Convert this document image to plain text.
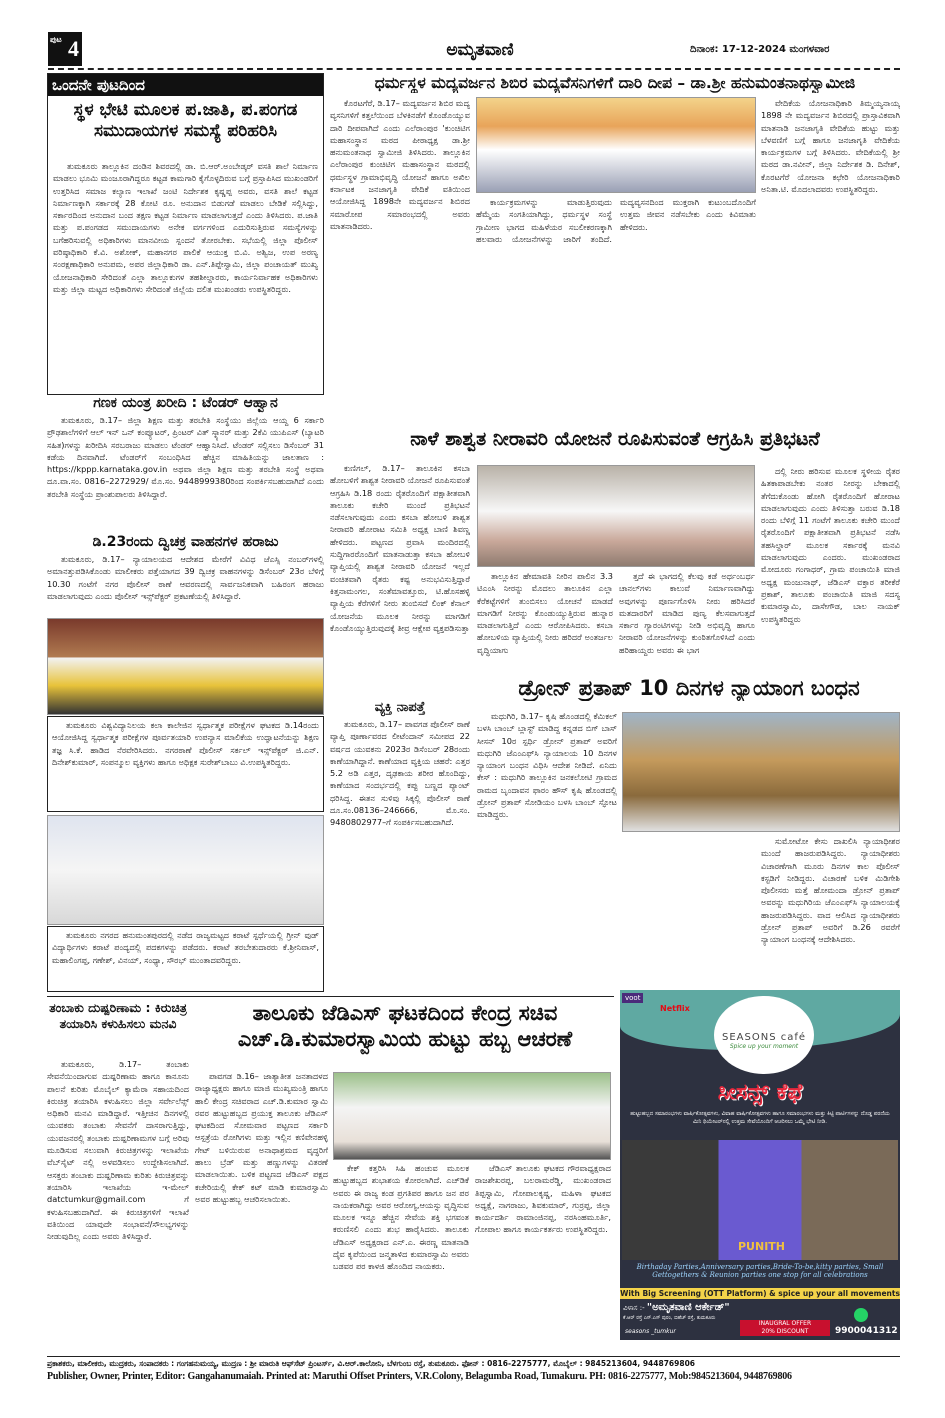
ಪುಟ 4	ಅಮೃತವಾಣಿ	ದಿನಾಂಕ: 17-12-2024 ಮಂಗಳವಾರ
ಒಂದನೇ ಪುಟದಿಂದ
ಸ್ಥಳ ಭೇಟಿ ಮೂಲಕ ಪ.ಜಾತಿ, ಪ.ಪಂಗಡ ಸಮುದಾಯಗಳ ಸಮಸ್ಯೆ ಪರಿಹರಿಸಿ
ತುಮಕೂರು ತಾಲ್ಲೂಕಿನ ದಂಡಿನ ಶಿವರದಲ್ಲಿ ಡಾ. ಬಿ.ಆರ್.ಅಂಬೇಡ್ಕರ್ ವಸತಿ ಶಾಲೆ ನಿರ್ಮಾಣ ಮಾಡಲು ಭೂಮಿ ಮಂಜೂರಾಗಿದ್ದರೂ ಕಟ್ಟಡ ಕಾಮಗಾರಿ ಕೈಗೊಳ್ಳದಿರುವ ಬಗ್ಗೆ ಪ್ರಸ್ತಾಪಿಸಿದ ಮುಖಂಡರಿಗೆ ಉತ್ತರಿಸಿದ ಸಮಾಜ ಕಲ್ಯಾಣ ಇಲಾಖೆ ಜಂಟಿ ನಿರ್ದೇಶಕ ಕೃಷ್ಣಪ್ಪ ಅವರು, ವಸತಿ ಶಾಲೆ ಕಟ್ಟಡ ನಿರ್ಮಾಣಕ್ಕಾಗಿ ಸರ್ಕಾರಕ್ಕೆ 28 ಕೋಟಿ ರೂ. ಅನುದಾನ ಬಿಡುಗಡೆ ಮಾಡಲು ಬೇಡಿಕೆ ಸಲ್ಲಿಸಿದ್ದು, ಸರ್ಕಾರದಿಂದ ಅನುದಾನ ಬಂದ ತಕ್ಷಣ ಕಟ್ಟಡ ನಿರ್ಮಾಣ ಮಾಡಲಾಗುತ್ತದೆ ಎಂದು ತಿಳಿಸಿದರು. ಪ.ಜಾತಿ ಮತ್ತು ಪ.ಪಂಗಡದ ಸಮುದಾಯಗಳು ಅನೇಕ ವರ್ಗಗಳಿಂದ ಎದುರಿಸುತ್ತಿರುವ ಸಮಸ್ಯೆಗಳನ್ನು ಬಗೆಹರಿಸುವಲ್ಲಿ ಅಧಿಕಾರಿಗಳು ಮಾನವೀಯ ಸ್ಪಂದನೆ ತೋರಬೇಕು. ಸಭೆಯಲ್ಲಿ ಜಿಲ್ಲಾ ಪೊಲೀಸ್ ವರಿಷ್ಠಾಧಿಕಾರಿ ಕೆ.ವಿ. ಅಶೋಕ್, ಮಹಾನಗರ ಪಾಲಿಕೆ ಆಯುಕ್ತ ಬಿ.ವಿ. ಅಶ್ವಿಜ, ಉಪ ಅರಣ್ಯ ಸಂರಕ್ಷಣಾಧಿಕಾರಿ ಅನುಪಮ, ಅಪರ ಜಿಲ್ಲಾಧಿಕಾರಿ ಡಾ. ಎನ್.ತಿಪ್ಪೇಸ್ವಾಮಿ, ಜಿಲ್ಲಾ ಪಂಚಾಯತ್ ಮುಖ್ಯ ಯೋಜನಾಧಿಕಾರಿ ಸೇರಿದಂತೆ ಎಲ್ಲಾ ತಾಲ್ಲೂಕುಗಳ ತಹಶೀಲ್ದಾರರು, ಕಾರ್ಯನಿರ್ವಾಹಕ ಅಧಿಕಾರಿಗಳು ಮತ್ತು ಜಿಲ್ಲಾ ಮಟ್ಟದ ಅಧಿಕಾರಿಗಳು ಸೇರಿದಂತೆ ಜಿಲ್ಲೆಯ ದಲಿತ ಮುಖಂಡರು ಉಪಸ್ಥಿತರಿದ್ದರು.
ಗಣಕ ಯಂತ್ರ ಖರೀದಿ : ಟೆಂಡರ್ ಆಹ್ವಾನ
ತುಮಕೂರು, ಡಿ.17– ಜಿಲ್ಲಾ ಶಿಕ್ಷಣ ಮತ್ತು ತರಬೇತಿ ಸಂಸ್ಥೆಯು ಜಿಲ್ಲೆಯ ಆಯ್ದ 6 ಸರ್ಕಾರಿ ಪ್ರೌಢಶಾಲೆಗಳಿಗೆ ಆಲ್ ಇನ್ ಒನ್ ಕಂಪ್ಯೂಟರ್, ಪ್ರಿಂಟರ್ ವಿತ್ ಸ್ಕ್ಯಾನರ್ ಮತ್ತು 2ಕೆವಿ ಯುಪಿಎಸ್ (ಬ್ಯಾಟರಿ ಸಹಿತ)ಗಳನ್ನು ಖರೀದಿಸಿ ಸರಬರಾಜು ಮಾಡಲು ಟೆಂಡರ್ ಆಹ್ವಾನಿಸಿದೆ. ಟೆಂಡರ್ ಸಲ್ಲಿಸಲು ಡಿಸೆಂಬರ್ 31 ಕಡೆಯ ದಿನವಾಗಿದೆ. ಟೆಂಡರ್‌ಗೆ ಸಂಬಂಧಿಸಿದ ಹೆಚ್ಚಿನ ಮಾಹಿತಿಯನ್ನು ಜಾಲತಾಣ : https://kppp.karnataka.gov.in ಅಥವಾ ಜಿಲ್ಲಾ ಶಿಕ್ಷಣ ಮತ್ತು ತರಬೇತಿ ಸಂಸ್ಥೆ ಅಥವಾ ದೂ.ವಾ.ಸಂ. 0816–2272929/ ಮೊ.ಸಂ. 9448999380ರಿಂದ ಸಂಪರ್ಕಿಸಬಹುದಾಗಿದೆ ಎಂದು ತರಬೇತಿ ಸಂಸ್ಥೆಯ ಪ್ರಾಂಶುಪಾಲರು ತಿಳಿಸಿದ್ದಾರೆ.
ಡಿ.23ರಂದು ದ್ವಿಚಕ್ರ ವಾಹನಗಳ ಹರಾಜು
ತುಮಕೂರು, ಡಿ.17– ನ್ಯಾಯಾಲಯದ ಆದೇಶದ ಮೇರೆಗೆ ವಿವಿಧ ಜೆಎಸ್ಸಿ ನಂಬರ್‌ಗಳಲ್ಲಿ ಅಮಾನತ್ತುಪಡಿಸಿಕೊಂಡು ಮಾಲೀಕರು ಪತ್ತೆಯಾಗದ 39 ದ್ವಿಚಕ್ರ ವಾಹನಗಳನ್ನು ಡಿಸೆಂಬರ್ 23ರ ಬೆಳಿಗ್ಗೆ 10.30 ಗಂಟೆಗೆ ನಗರ ಪೊಲೀಸ್ ಠಾಣೆ ಆವರಣದಲ್ಲಿ ಸಾರ್ವಜನಿಕವಾಗಿ ಬಹಿರಂಗ ಹರಾಜು ಮಾಡಲಾಗುವುದು ಎಂದು ಪೊಲೀಸ್ ಇನ್ಸ್‌ಪೆಕ್ಟರ್ ಪ್ರಕಟಣೆಯಲ್ಲಿ ತಿಳಿಸಿದ್ದಾರೆ.
ತುಮಕೂರು ವಿಶ್ವವಿದ್ಯಾನಿಲಯ ಕಲಾ ಕಾಲೇಜಿನ ಸ್ವರ್ಧಾತ್ಮಕ ಪರೀಕ್ಷೆಗಳ ಘಟಕದ ಡಿ.14ರಂದು ಆಯೋಜಿಸಿದ್ದ ಸ್ವರ್ಧಾತ್ಮಕ ಪರೀಕ್ಷೆಗಳ ಪೂರ್ವತಯಾರಿ ಉಪನ್ಯಾಸ ಮಾಲಿಕೆಯ ಉದ್ಘಾಟನೆಯನ್ನು ಶಿಕ್ಷಣ ತಜ್ಞ ಸಿ.ಕೆ. ಹಾಡಿದ ನೆರವೇರಿಸಿದರು. ನಗರಠಾಣೆ ಪೊಲೀಸ್ ಸರ್ಕಲ್ ಇನ್ಸ್‌ಪೆಕ್ಟರ್ ಜಿ.ಎನ್. ದಿನೇಶ್‌ಕುಮಾರ್, ಸಂಪನ್ಮೂಲ ವ್ಯಕ್ತಿಗಳು ಹಾಗೂ ಅಧಿಕ್ಷಕ ಸುರೇಶ್‌ಬಾಬು ವಿ.ಉಪಸ್ಥಿತರಿದ್ದರು.
ತುಮಕೂರು ನಗರದ ಹನುಮಂತಪುರದಲ್ಲಿ ನಡೆದ ರಾಜ್ಯಮಟ್ಟದ ಕರಾಟೆ ಸ್ಪರ್ಧೆಯಲ್ಲಿ ಗ್ರೀನ್ ವುಡ್ ವಿದ್ಯಾರ್ಥಿಗಳು ಕರಾಟೆ ಪಂದ್ಯದಲ್ಲಿ ಪದಕಗಳನ್ನು ಪಡೆದರು. ಕರಾಟೆ ತರಬೇತುದಾರರು ಕೆ.ಶ್ರೀನಿವಾಸ್, ಮಹಾಲಿಂಗಪ್ಪ, ಗಣೇಶ್, ವಿನಯ್, ಸಂಧ್ಯಾ, ಸೌರಭ್ ಮುಂತಾದವರಿದ್ದರು.
ಧರ್ಮಸ್ಥಳ ಮದ್ಯವರ್ಜನ ಶಿಬಿರ ಮದ್ಯವೆಸನಿಗಳಿಗೆ ದಾರಿ ದೀಪ – ಡಾ.ಶ್ರೀ ಹನುಮಂತನಾಥಸ್ವಾಮೀಜಿ
ಕೊರಟಗೆರೆ, ಡಿ.17– ಮದ್ಯವರ್ಜನ ಶಿಬಿರ ಮದ್ಯ ವ್ಯಸನಿಗಳಿಗೆ ಕತ್ತಲೆಯಿಂದ ಬೆಳಕಿನಡೆಗೆ ಕೊಂಡೊಯ್ಯುವ ದಾರಿ ದೀಪವಾಗಿದೆ ಎಂದು ಎಲೆರಾಂಪುರ 'ಕುಂಚಿಟಿಗ ಮಹಾಸಂಸ್ಥಾನ ಮಠದ ಪೀಠಾಧ್ಯಕ್ಷ ಡಾ.ಶ್ರೀ ಹನುಮಂತನಾಥ ಸ್ವಾಮೀಜಿ ತಿಳಿಸಿದರು. ತಾಲ್ಲೂಕಿನ ಎಲೆರಾಂಪುರ ಕುಂಚಿಟಿಗ ಮಹಾಸಂಸ್ಥಾನ ಮಠದಲ್ಲಿ ಧರ್ಮಸ್ಥಳ ಗ್ರಾಮಾಭಿವೃದ್ಧಿ ಯೋಜನೆ ಹಾಗೂ ಅಖಿಲ ಕರ್ನಾಟಕ ಜನಜಾಗೃತಿ ವೇದಿಕೆ ವತಿಯಿಂದ ಆಯೋಜಿಸಿದ್ದ 1898ನೇ ಮದ್ಯವರ್ಜನ ಶಿಬಿರದ ಸಮಾರೋಪ ಸಮಾರಂಭದಲ್ಲಿ ಅವರು ಮಾತನಾಡಿದರು.
ಕಾರ್ಯಕ್ರಮಗಳನ್ನು ಮಾಡುತ್ತಿರುವುದು ಹೆಮ್ಮೆಯ ಸಂಗತಿಯಾಗಿದ್ದು, ಧರ್ಮಸ್ಥಳ ಸಂಸ್ಥೆ ಗ್ರಾಮೀಣ ಭಾಗದ ಮಹಿಳೆಯರ ಸಬಲೀಕರಣಕ್ಕಾಗಿ ಹಲವಾರು ಯೋಜನೆಗಳನ್ನು ಜಾರಿಗೆ ತಂದಿದೆ. ಮದ್ಯವ್ಯಸನದಿಂದ ಮುಕ್ತರಾಗಿ ಕುಟುಂಬದೊಂದಿಗೆ ಉತ್ತಮ ಜೀವನ ನಡೆಸಬೇಕು ಎಂದು ಕಿವಿಮಾತು ಹೇಳಿದರು.
ವೇದಿಕೆಯ ಯೋಜನಾಧಿಕಾರಿ ತಿಮ್ಮಯ್ಯನಾಯ್ಕ 1898 ನೇ ಮದ್ಯವರ್ಜನ ಶಿಬಿರದಲ್ಲಿ ಪ್ರಾಸ್ತಾವಿಕವಾಗಿ ಮಾತನಾಡಿ ಜನಜಾಗೃತಿ ವೇದಿಕೆಯ ಹುಟ್ಟು ಮತ್ತು ಬೆಳವಣಿಗೆ ಬಗ್ಗೆ ಹಾಗೂ ಜನಜಾಗೃತಿ ವೇದಿಕೆಯ ಕಾರ್ಯಕ್ರಮಗಳ ಬಗ್ಗೆ ತಿಳಿಸಿದರು. ವೇದಿಕೆಯಲ್ಲಿ ಶ್ರೀ ಮಠದ ಡಾ.ನವೀನ್, ಜಿಲ್ಲಾ ನಿರ್ದೇಶಕ ಡಿ. ದಿನೇಶ್, ಕೊರಟಗೆರೆ ಯೋಜನಾ ಕಛೇರಿ ಯೋಜನಾಧಿಕಾರಿ ಅನಿತಾ.ಟಿ. ಮೊದಲಾದವರು ಉಪಸ್ಥಿತರಿದ್ದರು.
ನಾಳೆ ಶಾಶ್ವತ ನೀರಾವರಿ ಯೋಜನೆ ರೂಪಿಸುವಂತೆ ಆಗ್ರಹಿಸಿ ಪ್ರತಿಭಟನೆ
ಕುಣಿಗಲ್, ಡಿ.17– ತಾಲೂಕಿನ ಕಸಬಾ ಹೋಬಳಿಗೆ ಶಾಶ್ವತ ನೀರಾವರಿ ಯೋಜನೆ ರೂಪಿಸುವಂತೆ ಆಗ್ರಹಿಸಿ ಡಿ.18 ರಂದು ರೈತರೊಂದಿಗೆ ಪಕ್ಷಾತೀತವಾಗಿ ತಾಲೂಕು ಕಚೇರಿ ಮುಂದೆ ಪ್ರತಿಭಟನೆ ನಡೆಸಲಾಗುವುದು ಎಂದು ಕಸಬಾ ಹೋಬಳಿ ಶಾಶ್ವತ ನೀರಾವರಿ ಹೋರಾಟ ಸಮಿತಿ ಅಧ್ಯಕ್ಷ ಬಾಣಿ ಶಿವಣ್ಣ ಹೇಳಿದರು. ಪಟ್ಟಣದ ಪ್ರವಾಸಿ ಮಂದಿರದಲ್ಲಿ ಸುದ್ದಿಗಾರರೊಂದಿಗೆ ಮಾತನಾಡುತ್ತಾ ಕಸಬಾ ಹೋಬಳಿ ವ್ಯಾಪ್ತಿಯಲ್ಲಿ ಶಾಶ್ವತ ನೀರಾವರಿ ಯೋಜನೆ ಇಲ್ಲದೆ ವಂಚಿತವಾಗಿ ರೈತರು ಕಷ್ಟ ಅನುಭವಿಸುತ್ತಿದ್ದಾರೆ ಕಿತ್ತನಾಮಂಗಲ, ಸಂತೆಮಾವತ್ತೂರು, ಟಿ.ಹೊಸಹಳ್ಳಿ ವ್ಯಾಪ್ತಿಯ ಕೆರೆಗಳಿಗೆ ನೀರು ತುಂಬಿಸದೆ ಲಿಂಕ್ ಕೆನಾಲ್ ಯೋಜನೆಯ ಮೂಲಕ ನೀರನ್ನು ಮಾಗಡಿಗೆ ಕೊಂಡೊಯ್ಯುತ್ತಿರುವುದಕ್ಕೆ ತೀವ್ರ ಆಕ್ಷೇಪ ವ್ಯಕ್ತಪಡಿಸುತ್ತಾ
ತಾಲ್ಲೂಕಿನ ಹೇಮಾವತಿ ನೀರಿನ ಪಾಲಿನ 3.3 ಟಿಎಂಸಿ ನೀರನ್ನು ಮೊದಲು ತಾಲೂಕಿನ ಎಲ್ಲಾ ಕೆರೆಕಟ್ಟೆಗಳಿಗೆ ತುಂಬಿಸಲು ಯೋಚನೆ ಮಾಡದೆ ಮಾಗಡಿಗೆ ನೀರನ್ನು ಕೊಂಡುಯ್ಯುತ್ತಿರುವ ಹುನ್ನಾರ ಮಾಡಲಾಗುತ್ತಿದೆ ಎಂದು ಆರೋಪಿಸಿದರು. ಕಸಬಾ ಹೋಬಳಿಯ ವ್ಯಾಪ್ತಿಯಲ್ಲಿ ನೀರು ಹರಿದರೆ ಅಂತರ್ಜಲ ವೃದ್ಧಿಯಾಗು
ತ್ತದೆ ಈ ಭಾಗದಲ್ಲಿ ಕೆಲವು ಕಡೆ ಅರ್ಧಂಬರ್ಧ ಚಾನಲ್‌ಗಳು ಕಾಲುವೆ ನಿರ್ಮಾಣವಾಗಿದ್ದು ಅವುಗಳನ್ನು ಪೂರ್ಣಗೊಳಿಸಿ ನೀರು ಹರಿಸಿದರೆ ಮತದಾರರಿಗೆ ಮಾಡಿದ ಪುಣ್ಯ ಕೆಲಸವಾಗುತ್ತದೆ ಸರ್ಕಾರ ಗ್ಯಾರಂಟಿಗಳನ್ನು ನೀಡಿ ಅಭಿವೃದ್ಧಿ ಹಾಗೂ ನೀರಾವರಿ ಯೋಜನೆಗಳನ್ನು ಕುಂಠಿತಗೊಳಿಸಿದೆ ಎಂದು ಹರಿಹಾಯ್ದರು ಅವರು ಈ ಭಾಗ
ದಲ್ಲಿ ನೀರು ಹರಿಸುವ ಮೂಲಕ ಸ್ಥಳೀಯ ರೈತರ ಹಿತಕಾಪಾಡಬೇಕು ನಂತರ ನೀರನ್ನು ಬೇಕಾದಲ್ಲಿ ತೆಗೆದುಕೊಂಡು ಹೋಗಿ ರೈತರೊಂದಿಗೆ ಹೋರಾಟ ಮಾಡಲಾಗುವುದು ಎಂದು ತಿಳಿಸುತ್ತಾ ಬರುವ ಡಿ.18 ರಂದು ಬೆಳಿಗ್ಗೆ 11 ಗಂಟೆಗೆ ತಾಲೂಕು ಕಚೇರಿ ಮುಂದೆ ರೈತರೊಂದಿಗೆ ಪಕ್ಷಾತೀತವಾಗಿ ಪ್ರತಿಭಟನೆ ನಡೆಸಿ ತಹಸಿಲ್ದಾರ್ ಮೂಲಕ ಸರ್ಕಾರಕ್ಕೆ ಮನವಿ ಮಾಡಲಾಗುವುದು ಎಂದರು. ಮುಖಂಡರಾದ ಮೋದೂರು ಗಂಗಾಧರ್, ಗ್ರಾಮ ಪಂಚಾಯಿತಿ ಮಾಜಿ ಅಧ್ಯಕ್ಷ ಮಂಜುನಾಥ್, ಜೆಡಿಎಸ್ ವಕ್ತಾರ ತರೀಕೆರೆ ಪ್ರಕಾಶ್, ತಾಲೂಕು ಪಂಚಾಯಿತಿ ಮಾಜಿ ಸದಸ್ಯ ಕುಮಾರಸ್ವಾಮಿ, ದಾಸೇಗೌಡ, ಬಾಲ ನಾಯಕ್ ಉಪಸ್ಥಿತರಿದ್ದರು
ವ್ಯಕ್ತಿ ನಾಪತ್ತೆ
ತುಮಕೂರು, ಡಿ.17– ಪಾವಗಡ ಪೊಲೀಸ್ ಠಾಣೆ ವ್ಯಾಪ್ತಿ ಪೂರ್ಣಾವರದ ಲೀಟೆಂದಾನ್ ಸಮೀಪದ 22 ವರ್ಷದ ಯುವಕನು 2023ರ ಡಿಸೆಂಬರ್ 28ರಂದು ಕಾಣೆಯಾಗಿದ್ದಾನೆ. ಕಾಣೆಯಾದ ವ್ಯಕ್ತಿಯ ಚಹರೆ: ಎತ್ತರ 5.2 ಅಡಿ ಎತ್ತರ, ದೃಢಕಾಯ ಶರೀರ ಹೊಂದಿದ್ದು, ಕಾಣೆಯಾದ ಸಂದರ್ಭದಲ್ಲಿ ಕಪ್ಪು ಬಣ್ಣದ ಪ್ಯಾಂಟ್ ಧರಿಸಿದ್ದ. ಈತನ ಸುಳಿವು ಸಿಕ್ಕಲ್ಲಿ ಪೊಲೀಸ್ ಠಾಣೆ ದೂ.ಸಂ.08136–246666, ಮೊ.ಸಂ. 9480802977–ಗೆ ಸಂಪರ್ಕಿಸಬಹುದಾಗಿದೆ.
ಡ್ರೋನ್ ಪ್ರತಾಪ್ 10 ದಿನಗಳ ನ್ಯಾಯಾಂಗ ಬಂಧನ
ಮಧುಗಿರಿ, ಡಿ.17– ಕೃಷಿ ಹೊಂಡದಲ್ಲಿ ಕೆಮಿಕಲ್ ಬಳಸಿ ಬಾಂಬ್ ಬ್ಲಾಸ್ಟ್ ಮಾಡಿದ್ದ ಕನ್ನಡದ ಬಿಗ್ ಬಾಸ್ ಸೀಸನ್ 10ರ ಸ್ಪರ್ಧಿ ಡ್ರೋನ್ ಪ್ರತಾಪ್ ಅವರಿಗೆ ಮಧುಗಿರಿ ಜೆಎಂಎಫ್‌ಸಿ ನ್ಯಾಯಾಲಯ 10 ದಿನಗಳ ನ್ಯಾಯಾಂಗ ಬಂಧನ ವಿಧಿಸಿ ಆದೇಶ ನೀಡಿದೆ. ಏನಿದು ಕೇಸ್ : ಮಧುಗಿರಿ ತಾಲ್ಲೂಕಿನ ಜನಕಲೋಟಿ ಗ್ರಾಮದ ರಾಮದ ಬೃಂದಾವನ ಫಾರಂ ಹೌಸ್ ಕೃಷಿ ಹೊಂಡದಲ್ಲಿ ಡ್ರೋನ್ ಪ್ರತಾಪ್ ಸೋಡಿಯಂ ಬಳಸಿ ಬಾಂಬ್ ಸ್ಫೋಟ ಮಾಡಿದ್ದರು.
ಸುಮೋಟೋ ಕೇಸು ದಾಖಲಿಸಿ ನ್ಯಾಯಾಧೀಶರ ಮುಂದೆ ಹಾಜರುಪಡಿಸಿದ್ದರು. ನ್ಯಾಯಾಧೀಶರು ವಿಚಾರಣೆಗಾಗಿ ಮೂರು ದಿನಗಳ ಕಾಲ ಪೊಲೀಸ್ ಕಸ್ಟಡಿಗೆ ನೀಡಿದ್ದರು. ವಿಚಾರಣೆ ಬಳಿಕ ಮಿಡಿಗೇಶಿ ಪೊಲೀಸರು ಮತ್ತೆ ಹೋಮಂದಾ ಡ್ರೋನ್ ಪ್ರತಾಪ್ ಅವರನ್ನು ಮಧುಗಿರಿಯ ಜೆಎಂಎಫ್‌ಸಿ ನ್ಯಾಯಾಲಯಕ್ಕೆ ಹಾಜರುಪಡಿಸಿದ್ದರು. ವಾದ ಆಲಿಸಿದ ನ್ಯಾಯಾಧೀಶರು ಡ್ರೋನ್ ಪ್ರತಾಪ್ ಅವರಿಗೆ ಡಿ.26 ರವರೆಗೆ ನ್ಯಾಯಾಂಗ ಬಂಧನಕ್ಕೆ ಆದೇಶಿಸಿದರು.
ತಂಬಾಕು ದುಷ್ಪರಿಣಾಮ : ಕಿರುಚಿತ್ರ ತಯಾರಿಸಿ ಕಳುಹಿಸಲು ಮನವಿ
ತುಮಕೂರು, ಡಿ.17– ತಂಬಾಕು ಸೇವನೆಯಿಂದಾಗುವ ದುಷ್ಪರಿಣಾಮ ಹಾಗೂ ಕಾನೂನು ಪಾಲನೆ ಕುರಿತು ಮೊಬೈಲ್ ಕ್ಯಾಮೆರಾ ಸಹಾಯದಿಂದ ಕಿರುಚಿತ್ರ ತಯಾರಿಸಿ ಕಳುಹಿಸಲು ಜಿಲ್ಲಾ ಸರ್ವೇಲೆನ್ಸ್ ಅಧಿಕಾರಿ ಮನವಿ ಮಾಡಿದ್ದಾರೆ. ಇತ್ತೀಚಿನ ದಿನಗಳಲ್ಲಿ ಯುವಕರು ತಂಬಾಕು ಸೇವನೆಗೆ ದಾಸರಾಗುತ್ತಿದ್ದು, ಯುವಜನರಲ್ಲಿ ತಂಬಾಕು ದುಷ್ಪರಿಣಾಮಗಳ ಬಗ್ಗೆ ಅರಿವು ಮೂಡಿಸುವ ಸಲುವಾಗಿ ಕಿರುಚಿತ್ರಗಳನ್ನು ಇಲಾಖೆಯ ವೆಬ್‌ಸೈಟ್ ನಲ್ಲಿ ಅಳವಡಿಸಲು ಉದ್ದೇಶಿಸಲಾಗಿದೆ. ಆಸಕ್ತರು ತಂಬಾಕು ದುಷ್ಪರಿಣಾಮ ಕುರಿತು ಕಿರುಚಿತ್ರವನ್ನು ತಯಾರಿಸಿ ಇಲಾಖೆಯ ಇ-ಮೇಲ್ datctumkur@gmail.com ಗೆ ಕಳುಹಿಸಬಹುದಾಗಿದೆ. ಈ ಕಿರುಚಿತ್ರಗಳಿಗೆ ಇಲಾಖೆ ವತಿಯಿಂದ ಯಾವುದೇ ಸಂಭಾವನೆ/ಸೌಲಭ್ಯಗಳನ್ನು ನೀಡುವುದಿಲ್ಲ ಎಂದು ಅವರು ತಿಳಿಸಿದ್ದಾರೆ.
ತಾಲೂಕು ಜೆಡಿಎಸ್ ಘಟಕದಿಂದ ಕೇಂದ್ರ ಸಚಿವ ಎಚ್.ಡಿ.ಕುಮಾರಸ್ವಾಮಿಯ ಹುಟ್ಟು ಹಬ್ಬ ಆಚರಣೆ
ಪಾವಗಡ ಡಿ.16– ಜಾತ್ಯಾತೀತ ಜನತಾದಳದ ರಾಜ್ಯಾಧ್ಯಕ್ಷರು ಹಾಗೂ ಮಾಜಿ ಮುಖ್ಯಮಂತ್ರಿ ಹಾಗೂ ಹಾಲಿ ಕೇಂದ್ರ ಸಚಿವರಾದ ಎಚ್.ಡಿ.ಕುಮಾರ ಸ್ವಾಮಿ ರವರ ಹುಟ್ಟುಹಬ್ಬದ ಪ್ರಯುಕ್ತ ತಾಲೂಕು ಜೆಡಿಎಸ್ ಘಟಕದಿಂದ ಸೋಮವಾರ ಪಟ್ಟಣದ ಸರ್ಕಾರಿ ಆಸ್ಪತ್ರೆಯ ರೋಗಿಗಳು ಮತ್ತು ಇಲ್ಲಿನ ಕಣಿವೇನಹಳ್ಳಿ ಗೇಟ್ ಬಳಿಯಿರುವ ಅನಾಥಾಶ್ರಮದ ವೃದ್ಧರಿಗೆ ಹಾಲು ಬ್ರೆಡ್ ಮತ್ತು ಹಣ್ಣುಗಳನ್ನು ವಿತರಣೆ ಮಾಡಲಾಯಿತು. ಬಳಿಕ ಪಟ್ಟಣದ ಜೆಡಿಎಸ್ ಪಕ್ಷದ ಕಚೇರಿಯಲ್ಲಿ ಕೇಕ್ ಕಟ್ ಮಾಡಿ ಕುಮಾರಸ್ವಾಮಿ ಅವರ ಹುಟ್ಟುಹಬ್ಬ ಆಚರಿಸಲಾಯಿತು.
ಕೇಕ್ ಕತ್ತರಿಸಿ ಸಿಹಿ ಹಂಚುವ ಮೂಲಕ ಹುಟ್ಟುಹಬ್ಬದ ಶುಭಾಶಯ ಕೋರಲಾಗಿದೆ. ಎಚ್‌ಡಿಕೆ ಅವರು ಈ ರಾಜ್ಯ ಕಂಡ ಪ್ರಗತಿಪರ ಹಾಗೂ ಜನ ಪರ ನಾಯಕರಾಗಿದ್ದು ಅವರ ಆರೋಗ್ಯ,ಆಯಸ್ಸು ವೃದ್ಧಿಸುವ ಮೂಲಕ ಇನ್ನೂ ಹೆಚ್ಚಿನ ಸೇವೆಯ ಶಕ್ತಿ ಭಗವಂತ ಕರುಣಿಸಲಿ ಎಂದು ಶುಭ ಹಾರೈಸಿದರು. ತಾಲೂಕು ಜೆಡಿಎಸ್ ಅಧ್ಯಕ್ಷರಾದ ಎನ್.ಎ. ಈರಣ್ಣ ಮಾತನಾಡಿ ದೈವ ಕೃಪೆಯಿಂದ ಜನ್ಮತಾಳಿದ ಕುಮಾರಸ್ವಾಮಿ ಅವರು ಬಡವರ ಪರ ಕಾಳಜಿ ಹೊಂದಿದ ನಾಯಕರು.
ಜೆಡಿಎಸ್ ತಾಲೂಕು ಘಟಕದ ಗೌರವಾಧ್ಯಕ್ಷರಾದ ರಾಜಶೇಖರಪ್ಪ, ಬಲರಾಮರೆಡ್ಡಿ, ಮುಖಂಡರಾದ ತಿಪ್ಪಸ್ವಾಮಿ, ಗೋಪಾಲಕೃಷ್ಣ, ಮಹಿಳಾ ಘಟಕದ ಅಧ್ಯಕ್ಷೆ, ನಾಗರಾಜು, ಶಿವಕುಮಾರ್, ಗುರ್ರಪ್ಪ, ಜಿಲ್ಲಾ ಕಾರ್ಯದರ್ಶಿ ರಾಮಾಂಜಿನಪ್ಪ, ನರಸಿಂಹಮೂರ್ತಿ, ಗೋಪಾಲ ಹಾಗೂ ಕಾರ್ಯಕರ್ತರು ಉಪಸ್ಥಿತರಿದ್ದರು.
voot
Netflix
SEASONS café
Spice up your moment
ಸೀಸನ್ಸ್ ಕೆಫೆ
ಹುಟ್ಟುಹಬ್ಬದ ಸಮಾರಂಭಗಳು ವಾರ್ಷಿಕೋತ್ಸವಗಳು, ವಿವಾಹ ವಾರ್ಷಿಕೋತ್ಸವಗಳು ಹಾಗೂ ಸಮಾರಂಭಗಳು ಮತ್ತು ಕಿಟ್ಟಿ ಪಾರ್ಟಿಗಳನ್ನು ದೊಡ್ಡ ಪರದೆಯ ಮಿನಿ ಥಿಯೇಟರ್‌ನಲ್ಲಿ ಉತ್ತಮ ಸೇವೆಯೊಂದಿಗೆ ಆಚರಿಸಲು ಒಮ್ಮೆ ಭೇಟಿ ನೀಡಿ.
PUNITH
Birthaday Parties,Anniversary parties,Bride-To-be,kitty parties, Small Gettogethers & Reunion parties one stop for all celebrations
With Big Screening (OTT Platform) & spice up your all movements
ವಿಳಾಸ :- "ಅಮೃತವಾಣಿ ಆರ್ಕೇಡ್"
ಕೆ.ಆರ್ ರಸ್ತೆ ಎಸ್.ಎಸ್ ಪುರಂ, ಬಿಹೆಚ್ ರಸ್ತೆ, ತುಮಕೂರು
seasons _tumkur
INAUGRAL OFFER
20% DISCOUNT	9900041312
ಪ್ರಕಾಶಕರು, ಮಾಲೀಕರು, ಮುದ್ರಕರು, ಸಂಪಾದಕರು : ಗಂಗಹನುಮಯ್ಯ, ಮುದ್ರಣ : ಶ್ರೀ ಮಾರುತಿ ಆಫ್‌ಸೆಟ್ ಪ್ರಿಂಟರ್ಸ್, ವಿ.ಆರ್.ಕಾಲೋನಿ, ಬೆಳಗುಂಬ ರಸ್ತೆ, ತುಮಕೂರು. ಫೋನ್ : 0816-2275777, ಮೊಬೈಲ್ : 9845213604, 9448769806
Publisher, Owner, Printer, Editor: Gangahanumaiah. Printed at: Maruthi Offset Printers, V.R.Colony, Belagumba Road, Tumakuru. PH: 0816-2275777, Mob:9845213604, 9448769806
